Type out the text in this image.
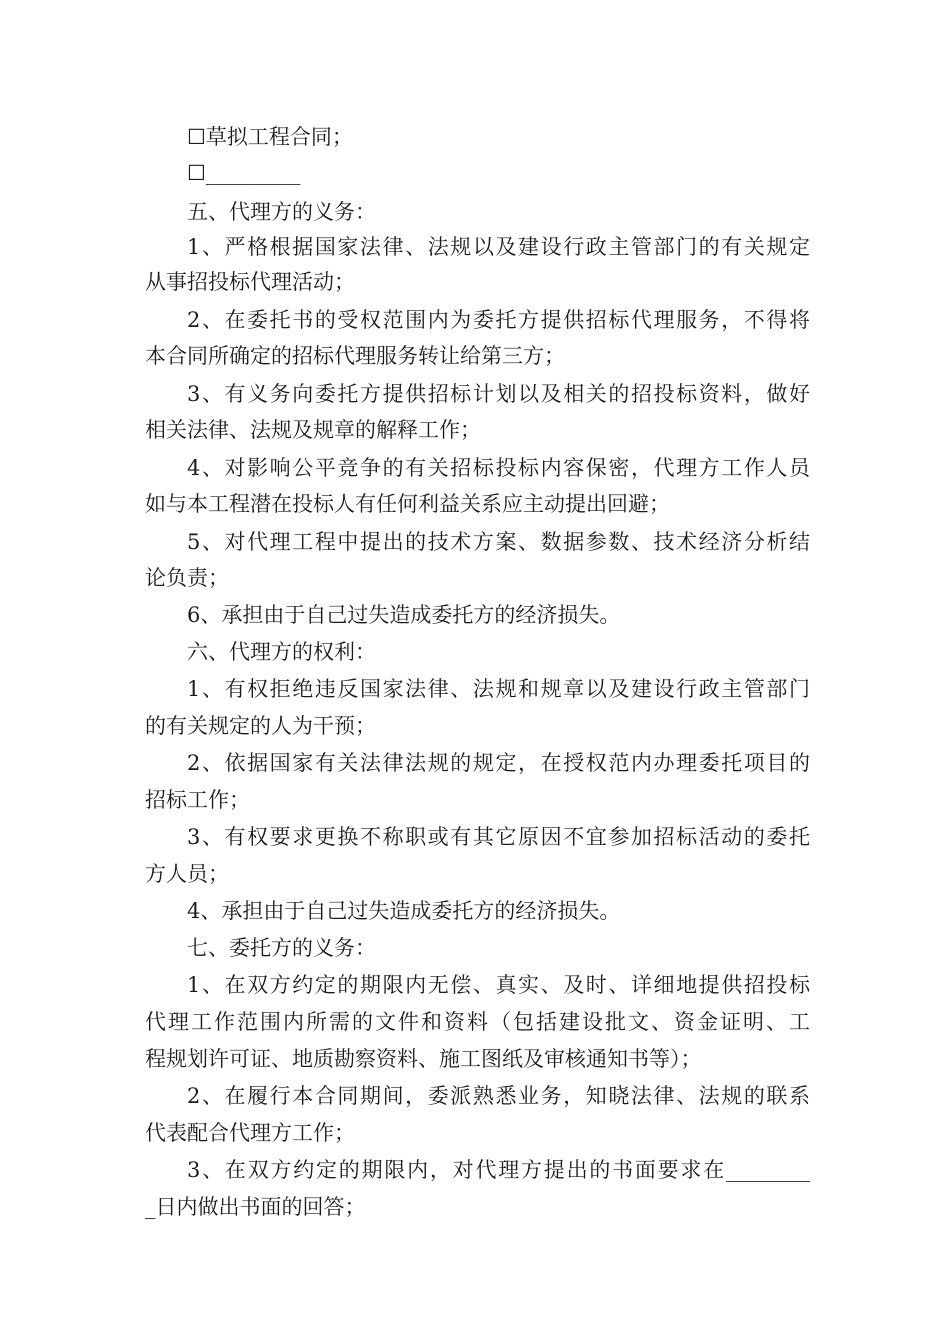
☐草拟工程合同；
☐_________
五、代理方的义务：
1、严格根据国家法律、法规以及建设行政主管部门的有关规定
从事招投标代理活动；
2、在委托书的受权范围内为委托方提供招标代理服务，不得将
本合同所确定的招标代理服务转让给第三方；
3、有义务向委托方提供招标计划以及相关的招投标资料，做好
相关法律、法规及规章的解释工作；
4、对影响公平竞争的有关招标投标内容保密，代理方工作人员
如与本工程潜在投标人有任何利益关系应主动提出回避；
5、对代理工程中提出的技术方案、数据参数、技术经济分析结
论负责；
6、承担由于自己过失造成委托方的经济损失。
六、代理方的权利：
1、有权拒绝违反国家法律、法规和规章以及建设行政主管部门
的有关规定的人为干预；
2、依据国家有关法律法规的规定，在授权范内办理委托项目的
招标工作；
3、有权要求更换不称职或有其它原因不宜参加招标活动的委托
方人员；
4、承担由于自己过失造成委托方的经济损失。
七、委托方的义务：
1、在双方约定的期限内无偿、真实、及时、详细地提供招投标
代理工作范围内所需的文件和资料（包括建设批文、资金证明、工
程规划许可证、地质勘察资料、施工图纸及审核通知书等）；
2、在履行本合同期间，委派熟悉业务，知晓法律、法规的联系
代表配合代理方工作；
3、在双方约定的期限内，对代理方提出的书面要求在________
_日内做出书面的回答；
